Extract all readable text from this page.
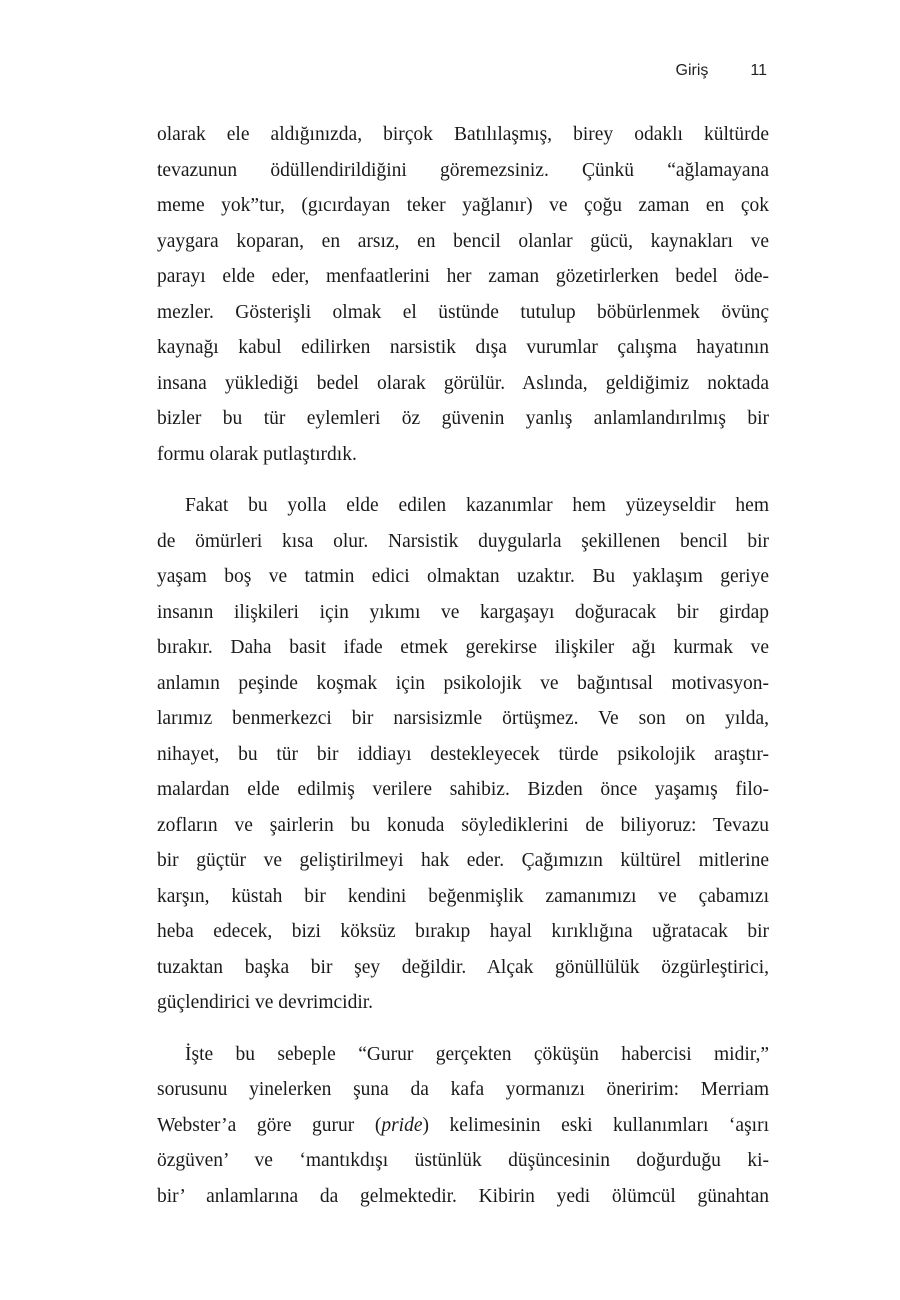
Giriş	11
olarak ele aldığınızda, birçok Batılılaşmış, birey odaklı kültürde
tevazunun ödüllendirildiğini göremezsiniz. Çünkü “ağlamayana
meme yok”tur, (gıcırdayan teker yağlanır) ve çoğu zaman en çok
yaygara koparan, en arsız, en bencil olanlar gücü, kaynakları ve
parayı elde eder, menfaatlerini her zaman gözetirlerken bedel öde-
mezler. Gösterişli olmak el üstünde tutulup böbürlenmek övünç
kaynağı kabul edilirken narsistik dışa vurumlar çalışma hayatının
insana yüklediği bedel olarak görülür. Aslında, geldiğimiz noktada
bizler bu tür eylemleri öz güvenin yanlış anlamlandırılmış bir
formu olarak putlaştırdık.
Fakat bu yolla elde edilen kazanımlar hem yüzeyseldir hem
de ömürleri kısa olur. Narsistik duygularla şekillenen bencil bir
yaşam boş ve tatmin edici olmaktan uzaktır. Bu yaklaşım geriye
insanın ilişkileri için yıkımı ve kargaşayı doğuracak bir girdap
bırakır. Daha basit ifade etmek gerekirse ilişkiler ağı kurmak ve
anlamın peşinde koşmak için psikolojik ve bağıntısal motivasyon-
larımız benmerkezci bir narsisizmle örtüşmez. Ve son on yılda,
nihayet, bu tür bir iddiayı destekleyecek türde psikolojik araştır-
malardan elde edilmiş verilere sahibiz. Bizden önce yaşamış filo-
zofların ve şairlerin bu konuda söylediklerini de biliyoruz: Tevazu
bir güçtür ve geliştirilmeyi hak eder. Çağımızın kültürel mitlerine
karşın, küstah bir kendini beğenmişlik zamanımızı ve çabamızı
heba edecek, bizi köksüz bırakıp hayal kırıklığına uğratacak bir
tuzaktan başka bir şey değildir. Alçak gönüllülük özgürleştirici,
güçlendirici ve devrimcidir.
İşte bu sebeple “Gurur gerçekten çöküşün habercisi midir,”
sorusunu yinelerken şuna da kafa yormanızı öneririm: Merriam
Webster’a göre gurur (pride) kelimesinin eski kullanımları ‘aşırı
özgüven’ ve ‘mantıkdışı üstünlük düşüncesinin doğurduğu ki-
bir’ anlamlarına da gelmektedir. Kibirin yedi ölümcül günahtan
